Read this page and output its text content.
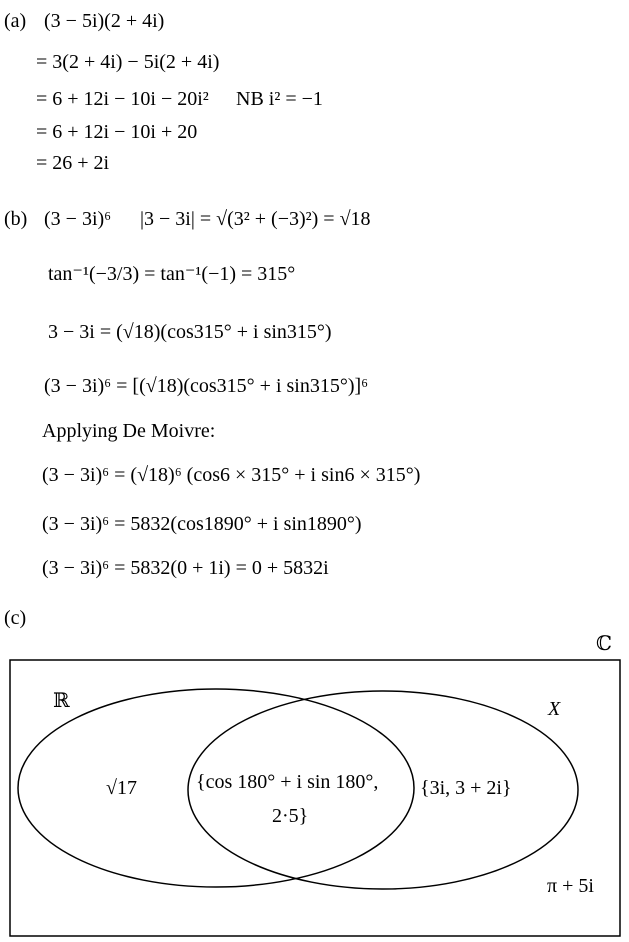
(a) (3 − 5i)(2 + 4i)
= 3(2 + 4i) − 5i(2 + 4i)
= 6 + 12i − 10i − 20i² NB i² = −1
= 6 + 12i − 10i + 20
= 26 + 2i
(b) (3 − 3i)⁶ |3 − 3i| = √(3² + (−3)²) = √18
tan⁻¹(−3/3) = tan⁻¹(−1) = 315°
3 − 3i = (√18)(cos315° + i sin315°)
(3 − 3i)⁶ = [(√18)(cos315° + i sin315°)]⁶
Applying De Moivre:
(3 − 3i)⁶ = (√18)⁶ (cos6 × 315° + i sin6 × 315°)
(3 − 3i)⁶ = 5832(cos1890° + i sin1890°)
(3 − 3i)⁶ = 5832(0 + 1i) = 0 + 5832i
(c)
ℂ
ℝ	X
√17	{cos 180° + i sin 180°,
2·5}
{3i, 3 + 2i}
π + 5i
